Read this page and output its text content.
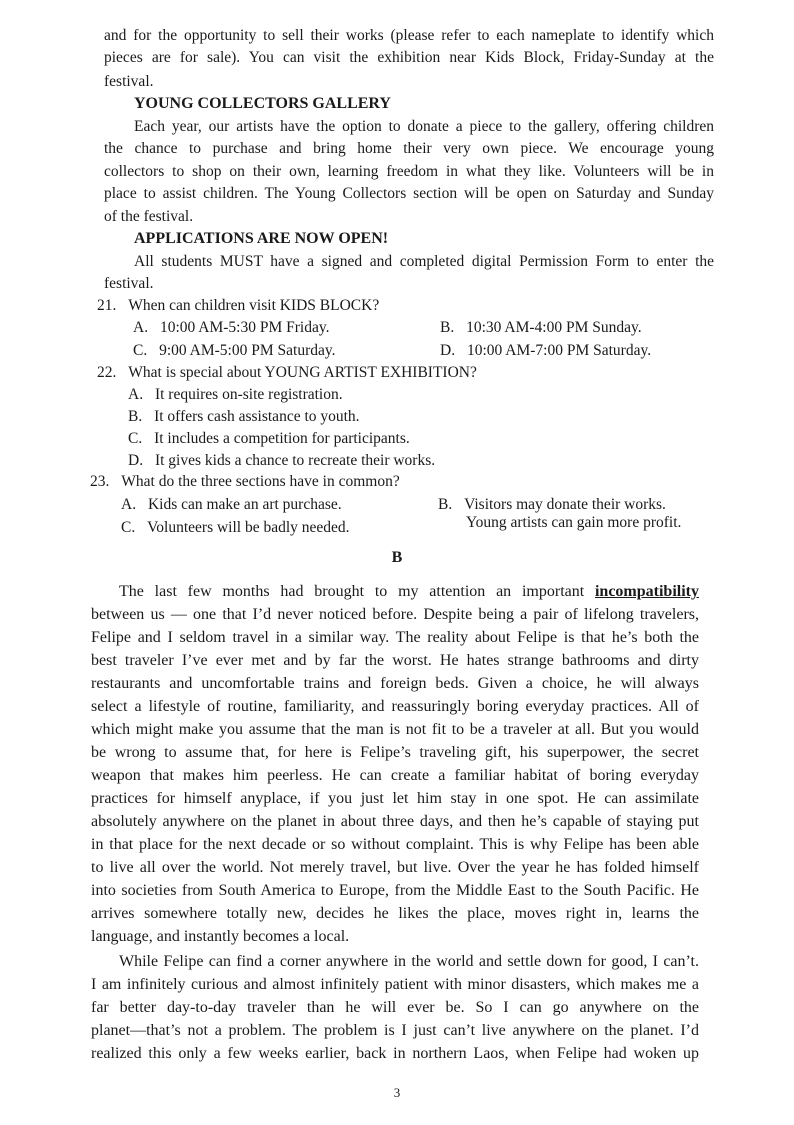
and for the opportunity to sell their works (please refer to each nameplate to identify which
pieces are for sale). You can visit the exhibition near Kids Block, Friday-Sunday at the
festival.
YOUNG COLLECTORS GALLERY
Each year, our artists have the option to donate a piece to the gallery, offering children
the chance to purchase and bring home their very own piece. We encourage young
collectors to shop on their own, learning freedom in what they like. Volunteers will be in
place to assist children. The Young Collectors section will be open on Saturday and Sunday
of the festival.
APPLICATIONS ARE NOW OPEN!
All students MUST have a signed and completed digital Permission Form to enter the
festival.
21. When can children visit KIDS BLOCK?
A. 10:00 AM-5:30 PM Friday.	B. 10:30 AM-4:00 PM Sunday.
C. 9:00 AM-5:00 PM Saturday.	D. 10:00 AM-7:00 PM Saturday.
22. What is special about YOUNG ARTIST EXHIBITION?
A. It requires on-site registration.
B. It offers cash assistance to youth.
C. It includes a competition for participants.
D. It gives kids a chance to recreate their works.
23. What do the three sections have in common?
A. Kids can make an art purchase.	B. Visitors may donate their works.
C. Volunteers will be badly needed.	Young artists can gain more profit.
B
The last few months had brought to my attention an important incompatibility
between us — one that I’d never noticed before. Despite being a pair of lifelong travelers,
Felipe and I seldom travel in a similar way. The reality about Felipe is that he’s both the
best traveler I’ve ever met and by far the worst. He hates strange bathrooms and dirty
restaurants and uncomfortable trains and foreign beds. Given a choice, he will always
select a lifestyle of routine, familiarity, and reassuringly boring everyday practices. All of
which might make you assume that the man is not fit to be a traveler at all. But you would
be wrong to assume that, for here is Felipe’s traveling gift, his superpower, the secret
weapon that makes him peerless. He can create a familiar habitat of boring everyday
practices for himself anyplace, if you just let him stay in one spot. He can assimilate
absolutely anywhere on the planet in about three days, and then he’s capable of staying put
in that place for the next decade or so without complaint. This is why Felipe has been able
to live all over the world. Not merely travel, but live. Over the year he has folded himself
into societies from South America to Europe, from the Middle East to the South Pacific. He
arrives somewhere totally new, decides he likes the place, moves right in, learns the
language, and instantly becomes a local.
While Felipe can find a corner anywhere in the world and settle down for good, I can’t.
I am infinitely curious and almost infinitely patient with minor disasters, which makes me a
far better day-to-day traveler than he will ever be. So I can go anywhere on the
planet—that’s not a problem. The problem is I just can’t live anywhere on the planet. I’d
realized this only a few weeks earlier, back in northern Laos, when Felipe had woken up
3
